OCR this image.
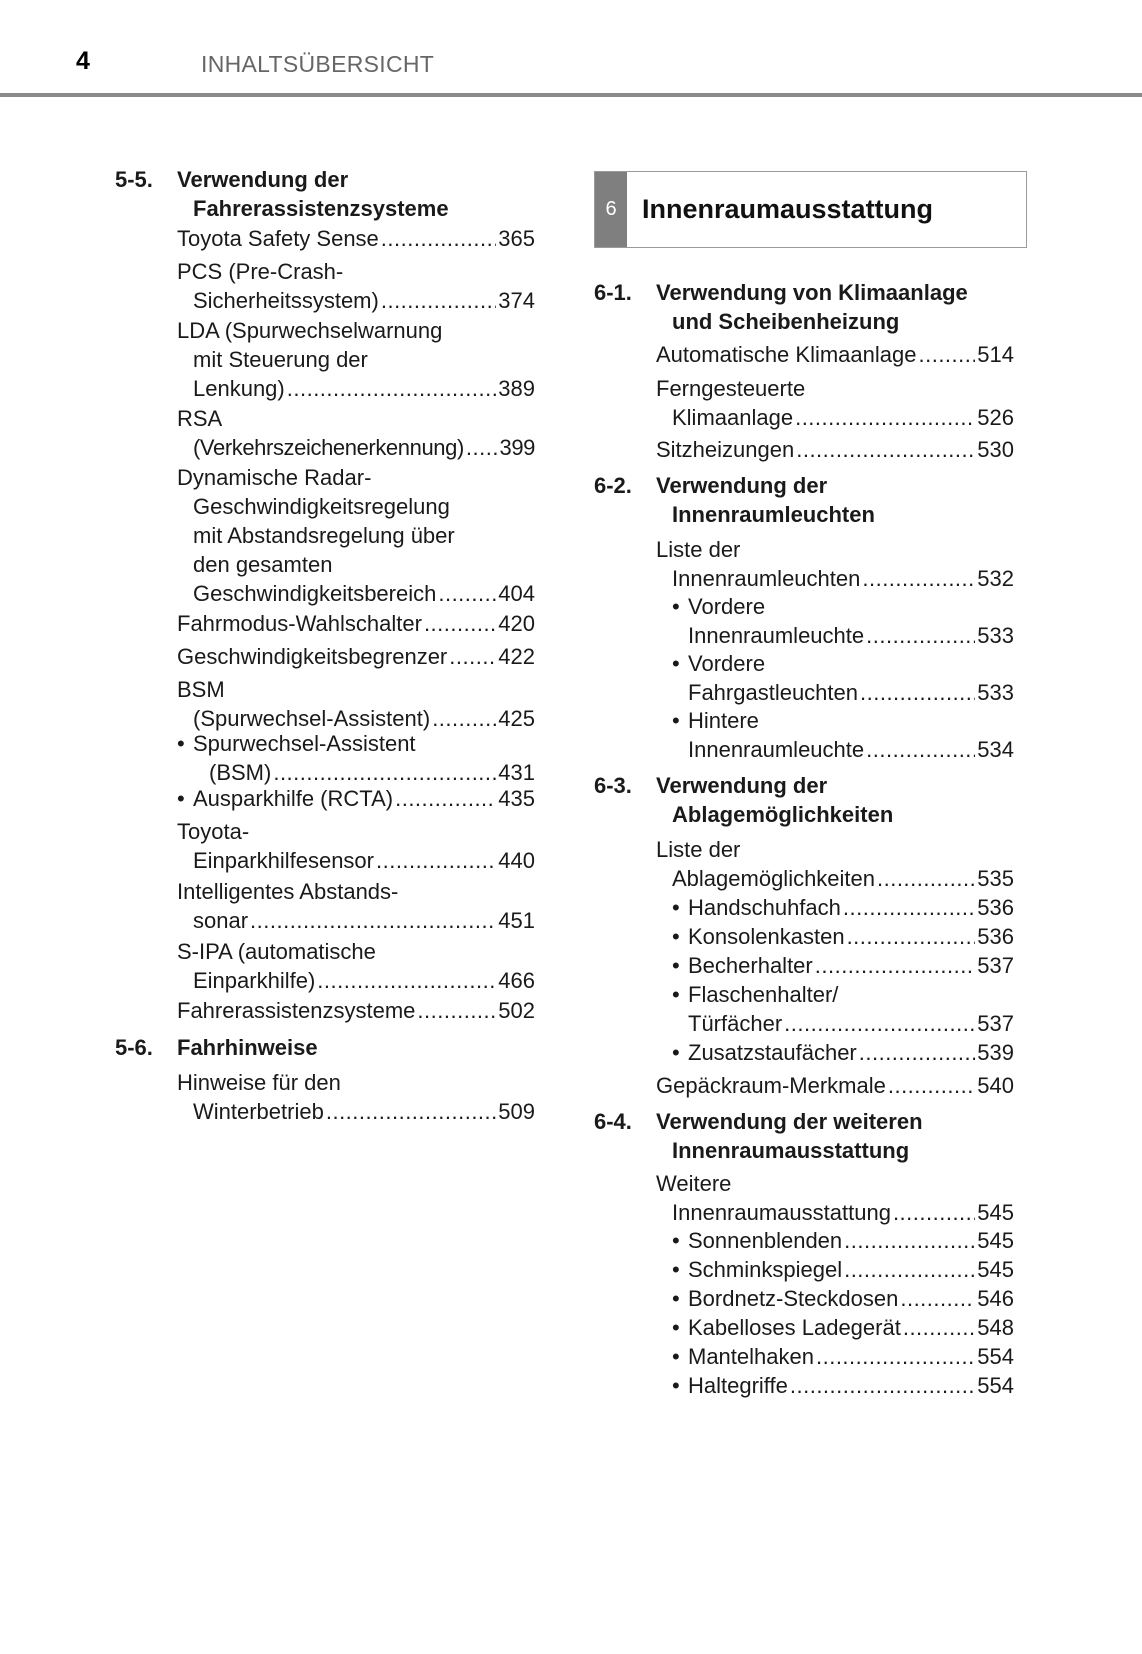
4	INHALTSÜBERSICHT
5-5. Verwendung der Fahrerassistenzsysteme
Toyota Safety Sense .....	365
PCS (Pre-Crash-
Sicherheitssystem) .....	374
LDA (Spurwechselwarnung
mit Steuerung der
Lenkung) .....	389
RSA
(Verkehrszeichenerkennung) ..... 399
Dynamische Radar-
Geschwindigkeitsregelung
mit Abstandsregelung über
den gesamten
Geschwindigkeitsbereich .....	404
Fahrmodus-Wahlschalter .....	420
Geschwindigkeitsbegrenzer ..... 422
BSM
(Spurwechsel-Assistent) .....	425
• Spurwechsel-Assistent
(BSM) .....	431
• Ausparkhilfe (RCTA) .....	435
Toyota-
Einparkhilfesensor .....	440
Intelligentes Abstands-
sonar .....	451
S-IPA (automatische
Einparkhilfe) .....	466
Fahrerassistenzsysteme .....	502
5-6. Fahrhinweise
Hinweise für den
Winterbetrieb .....	509
6 Innenraumausstattung
6-1. Verwendung von Klimaanlage und Scheibenheizung
Automatische Klimaanlage .....	514
Ferngesteuerte
Klimaanlage .....	526
Sitzheizungen .....	530
6-2. Verwendung der Innenraumleuchten
Liste der
Innenraumleuchten .....	532
• Vordere
Innenraumleuchte .....	533
• Vordere
Fahrgastleuchten .....	533
• Hintere
Innenraumleuchte .....	534
6-3. Verwendung der Ablagemöglichkeiten
Liste der
Ablagemöglichkeiten .....	535
• Handschuhfach .....	536
• Konsolenkasten .....	536
• Becherhalter .....	537
• Flaschenhalter/
Türfächer .....	537
• Zusatzstaufächer .....	539
Gepäckraum-Merkmale .....	540
6-4. Verwendung der weiteren Innenraumausstattung
Weitere
Innenraumausstattung .....	545
• Sonnenblenden .....	545
• Schminkspiegel .....	545
• Bordnetz-Steckdosen .....	546
• Kabelloses Ladegerät .....	548
• Mantelhaken .....	554
• Haltegriffe .....	554
